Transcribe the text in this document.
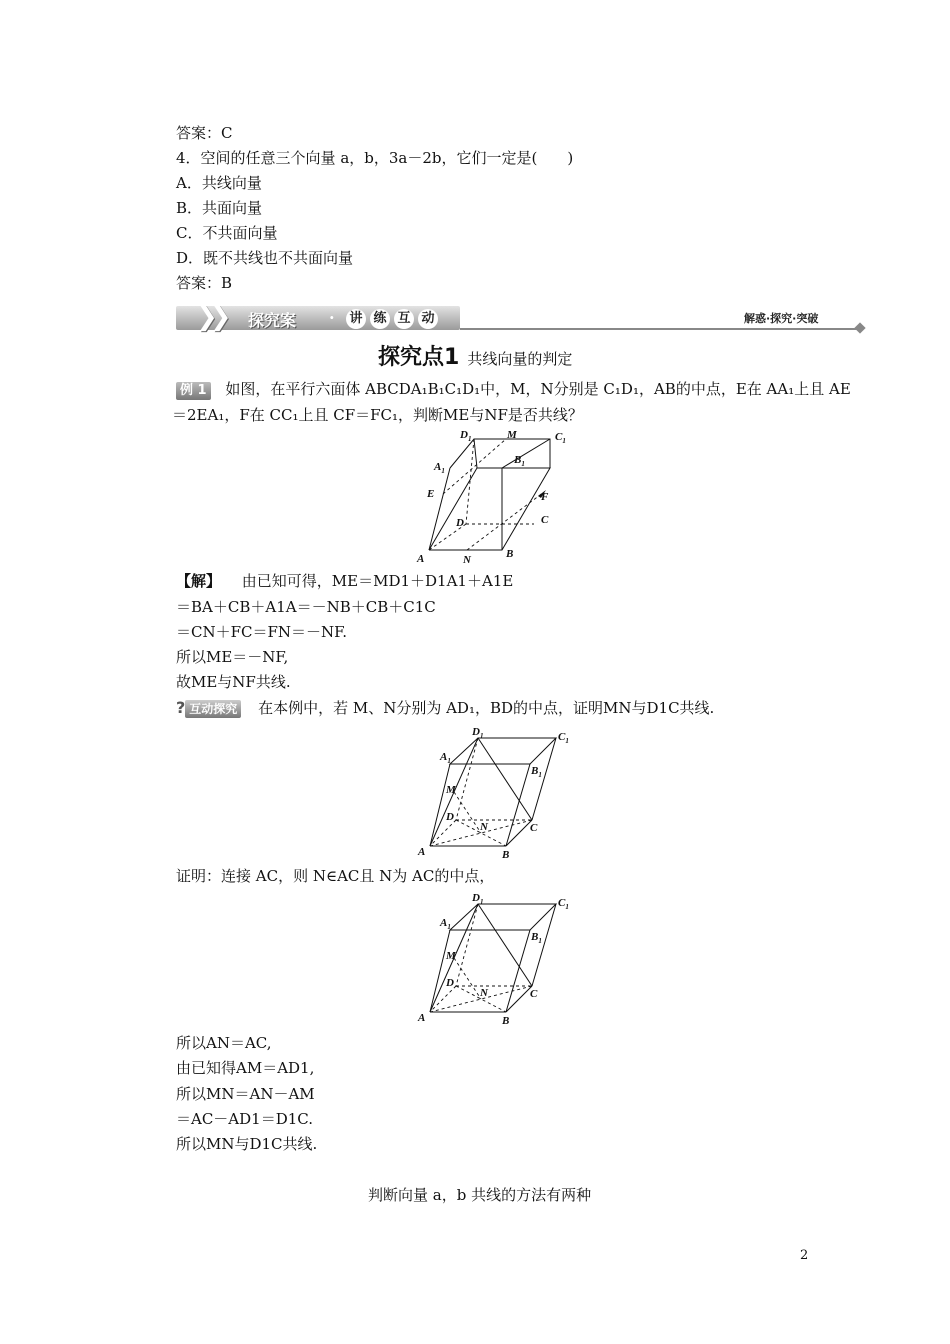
答案：C
4．空间的任意三个向量 a，b，3a－2b，它们一定是(　　)
A．共线向量
B．共面向量
C．不共面向量
D．既不共线也不共面向量
答案：B
❯❯ 探究案 · 讲 练 互 动	解惑·探究·突破
探究点1 共线向量的判定
例 1 如图，在平行六面体 ABCDA₁B₁C₁D₁中，M，N分别是 C₁D₁，AB的中点，E在 AA₁上且 AE
＝2EA₁，F在 CC₁上且 CF＝FC₁，判断ME与NF是否共线？
$D_1$	M	$C_1$
$A_1$
$B_1$
E	F
D	C
A	N	B
【解】 由已知可得，ME＝MD1＋D1A1＋A1E
＝BA＋CB＋A1A＝－NB＋CB＋C1C
＝CN＋FC＝FN＝－NF.
所以ME＝－NF,
故ME与NF共线.
? 互动探究 在本例中，若 M、N分别为 AD₁，BD的中点，证明MN与D1C共线.
$D_1$	$C_1$
$A_1$
$B_1$
M
D
N	C
A	B
证明：连接 AC，则 N∈AC且 N为 AC的中点，
$D_1$	$C_1$
$A_1$
$B_1$
M
D
N	C
A	B
所以AN＝AC,
由已知得AM＝AD1,
所以MN＝AN－AM
＝AC－AD1＝D1C.
所以MN与D1C共线.
判断向量 a，b 共线的方法有两种
2
